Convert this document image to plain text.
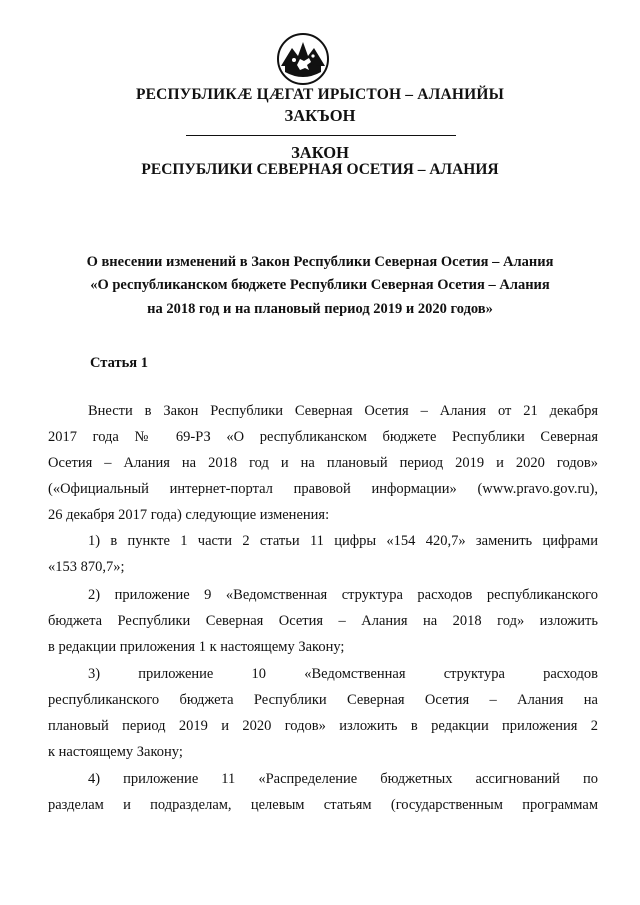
РЕСПУБЛИКӔ ЦӔГАТ ИРЫСТОН – АЛАНИЙЫ
ЗАКЪОН
ЗАКОН
РЕСПУБЛИКИ СЕВЕРНАЯ ОСЕТИЯ – АЛАНИЯ
О внесении изменений в Закон Республики Северная Осетия – Алания
«О республиканском бюджете Республики Северная Осетия – Алания
на 2018 год и на плановый период 2019 и 2020 годов»
Статья 1
Внести в Закон Республики Северная Осетия – Алания от 21 декабря
2017 года № 69-РЗ «О республиканском бюджете Республики Северная
Осетия – Алания на 2018 год и на плановый период 2019 и 2020 годов»
(«Официальный интернет-портал правовой информации» (www.pravo.gov.ru),
26 декабря 2017 года) следующие изменения:
1) в пункте 1 части 2 статьи 11 цифры «154 420,7» заменить цифрами
«153 870,7»;
2) приложение 9 «Ведомственная структура расходов республиканского
бюджета Республики Северная Осетия – Алания на 2018 год» изложить
в редакции приложения 1 к настоящему Закону;
3) приложение 10 «Ведомственная структура расходов
республиканского бюджета Республики Северная Осетия – Алания на
плановый период 2019 и 2020 годов» изложить в редакции приложения 2
к настоящему Закону;
4) приложение 11 «Распределение бюджетных ассигнований по
разделам и подразделам, целевым статьям (государственным программам
